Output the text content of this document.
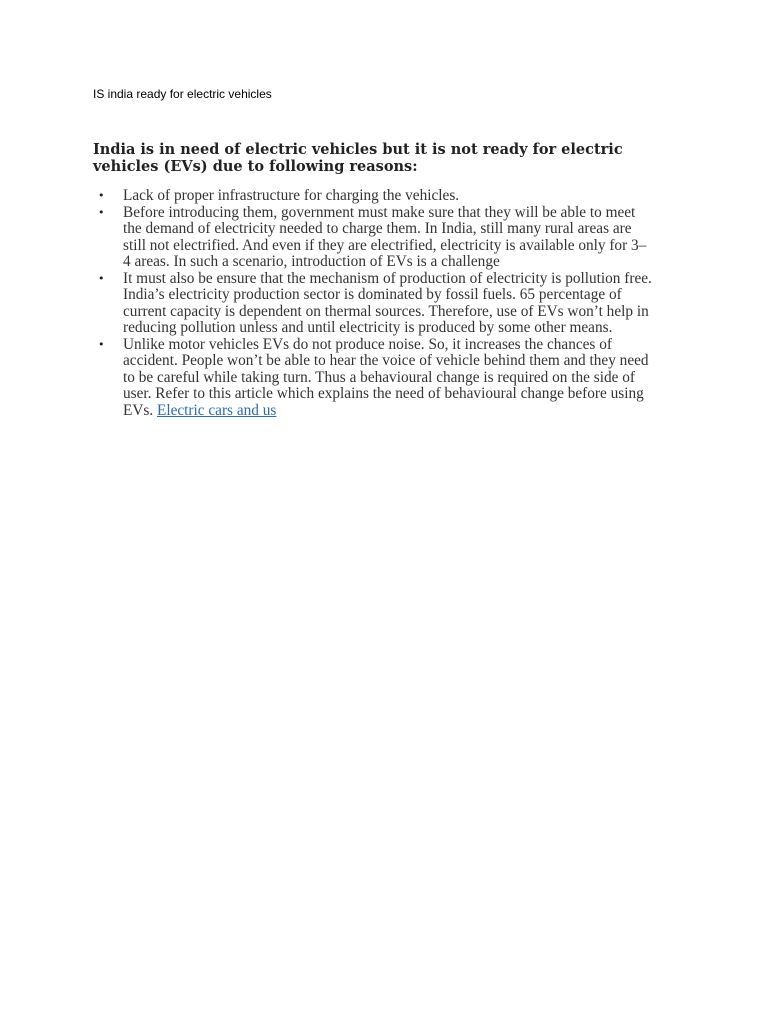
IS india ready for electric vehicles

India is in need of electric vehicles but it is not ready for electric vehicles (EVs) due to following reasons:

• Lack of proper infrastructure for charging the vehicles.
• Before introducing them, government must make sure that they will be able to meet the demand of electricity needed to charge them. In India, still many rural areas are still not electrified. And even if they are electrified, electricity is available only for 3–4 areas. In such a scenario, introduction of EVs is a challenge
• It must also be ensure that the mechanism of production of electricity is pollution free. India’s electricity production sector is dominated by fossil fuels. 65 percentage of current capacity is dependent on thermal sources. Therefore, use of EVs won’t help in reducing pollution unless and until electricity is produced by some other means.
• Unlike motor vehicles EVs do not produce noise. So, it increases the chances of accident. People won’t be able to hear the voice of vehicle behind them and they need to be careful while taking turn. Thus a behavioural change is required on the side of user. Refer to this article which explains the need of behavioural change before using EVs. Electric cars and us
